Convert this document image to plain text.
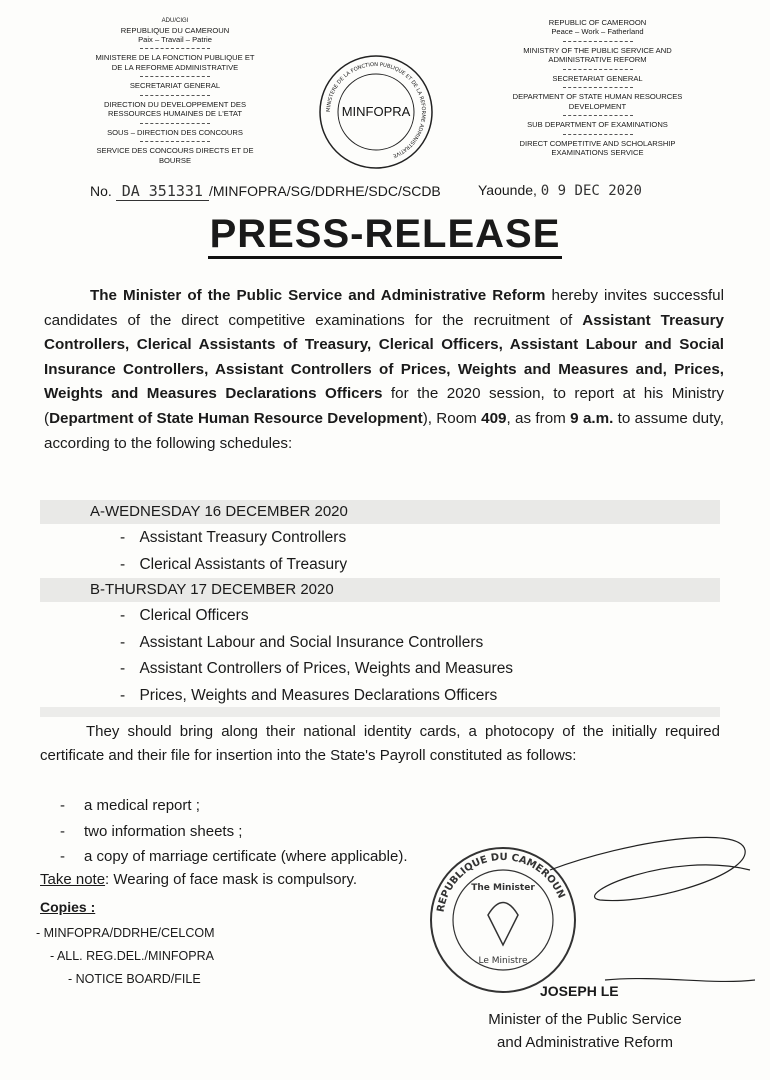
ADU/CIGI
REPUBLIQUE DU CAMEROUN
Paix – Travail – Patrie
MINISTERE DE LA FONCTION PUBLIQUE ET DE LA REFORME ADMINISTRATIVE
SECRETARIAT GENERAL
DIRECTION DU DEVELOPPEMENT DES RESSOURCES HUMAINES DE L'ETAT
SOUS – DIRECTION DES CONCOURS
SERVICE DES CONCOURS DIRECTS ET DE BOURSE
MINISTERE DE LA FONCTION PUBLIQUE ET DE LA REFORME ADMINISTRATIVE
MINFOPRA
REPUBLIC OF CAMEROON
Peace – Work – Fatherland
MINISTRY OF THE PUBLIC SERVICE AND ADMINISTRATIVE REFORM
SECRETARIAT GENERAL
DEPARTMENT OF STATE HUMAN RESOURCES DEVELOPMENT
SUB DEPARTMENT OF EXAMINATIONS
DIRECT COMPETITIVE AND SCHOLARSHIP EXAMINATIONS SERVICE
No. DA 351331 /MINFOPRA/SG/DDRHE/SDC/SCDB	Yaounde, 0 9 DEC 2020
PRESS-RELEASE

The Minister of the Public Service and Administrative Reform hereby invites successful candidates of the direct competitive examinations for the recruitment of Assistant Treasury Controllers, Clerical Assistants of Treasury, Clerical Officers, Assistant Labour and Social Insurance Controllers, Assistant Controllers of Prices, Weights and Measures and, Prices, Weights and Measures Declarations Officers for the 2020 session, to report at his Ministry (Department of State Human Resource Development), Room 409, as from 9 a.m. to assume duty, according to the following schedules:

A-WEDNESDAY 16 DECEMBER 2020
- Assistant Treasury Controllers
- Clerical Assistants of Treasury
B-THURSDAY 17 DECEMBER 2020
- Clerical Officers
- Assistant Labour and Social Insurance Controllers
- Assistant Controllers of Prices, Weights and Measures
- Prices, Weights and Measures Declarations Officers

They should bring along their national identity cards, a photocopy of the initially required certificate and their file for insertion into the State's Payroll constituted as follows:

- a medical report ;
- two information sheets ;
- a copy of marriage certificate (where applicable).
Take note: Wearing of face mask is compulsory.
Copies :
- MINFOPRA/DDRHE/CELCOM
- ALL. REG.DEL./MINFOPRA
- NOTICE BOARD/FILE
REPUBLIQUE DU CAMEROUN
The Minister
Le Ministre
JOSEPH LE
Minister of the Public Service
and Administrative Reform
